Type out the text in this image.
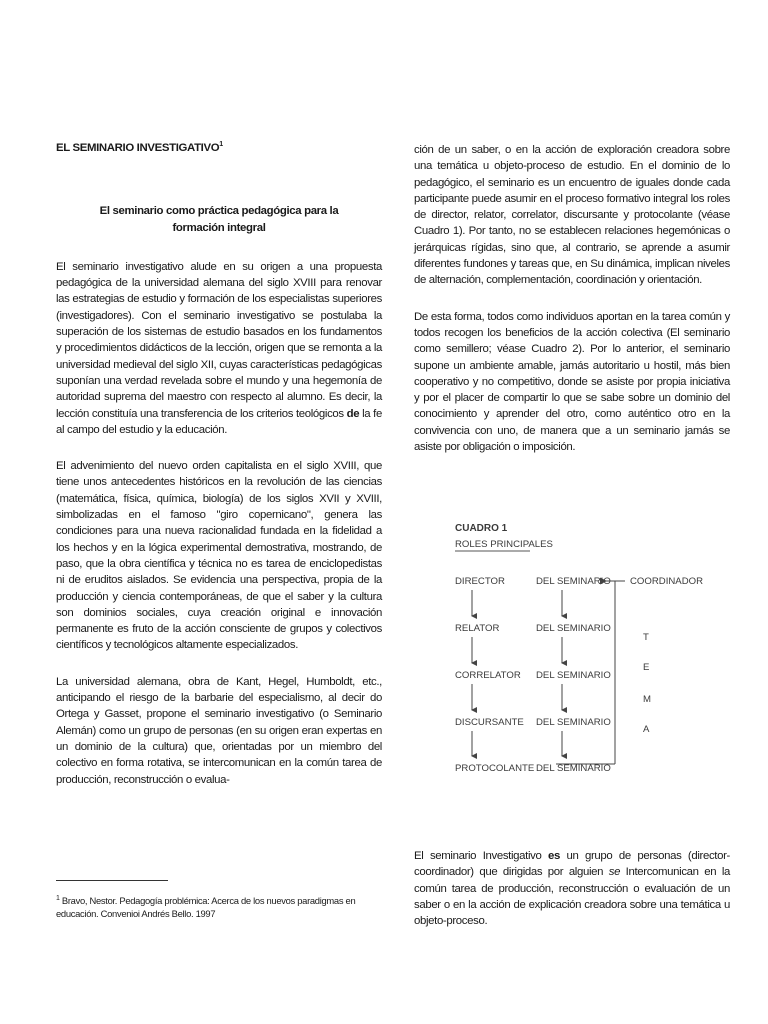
EL SEMINARIO INVESTIGATIVO$^1$

El seminario como práctica pedagógica para la
formación integral

El seminario investigativo alude en su origen a una propuesta pedagógica de la universidad alemana del siglo XVIII para renovar las estrategias de estudio y formación de los especialistas superiores (investigadores). Con el seminario investigativo se postulaba la superación de los sistemas de estudio basados en los fundamentos y procedimientos didácticos de la lección, origen que se remonta a la universidad medieval del siglo XII, cuyas características pedagógicas suponían una verdad revelada sobre el mundo y una hegemonía de autoridad suprema del maestro con respecto al alumno. Es decir, la lección constituía una transferencia de los criterios teológicos de la fe al campo del estudio y la educación.

El advenimiento del nuevo orden capitalista en el siglo XVIII, que tiene unos antecedentes históricos en la revolución de las ciencias (matemática, física, química, biología) de los siglos XVII y XVIII, simbolizadas en el famoso "giro copernicano", genera las condiciones para una nueva racionalidad fundada en la fidelidad a los hechos y en la lógica experimental demostrativa, mostrando, de paso, que la obra científica y técnica no es tarea de enciclopedistas ni de eruditos aislados. Se evidencia una perspectiva, propia de la producción y ciencia contemporáneas, de que el saber y la cultura son dominios sociales, cuya creación original e innovación permanente es fruto de la acción consciente de grupos y colectivos científicos y tecnológicos altamente especializados.

La universidad alemana, obra de Kant, Hegel, Humboldt, etc., anticipando el riesgo de la barbarie del especialismo, al decir do Ortega y Gasset, propone el seminario investigativo (o Seminario Alemán) como un grupo de personas (en su origen eran expertas en un dominio de la cultura) que, orientadas por un miembro del colectivo en forma rotativa, se intercomunican en la común tarea de producción, reconstrucción o evalua-

$^1$ Bravo, Nestor. Pedagogía problémica: Acerca de los nuevos paradigmas en educación. Convenioi Andrés Bello. 1997

ción de un saber, o en la acción de exploración creadora sobre una temática u objeto-proceso de estudio. En el dominio de lo pedagógico, el seminario es un encuentro de iguales donde cada participante puede asumir en el proceso formativo integral los roles de director, relator, correlator, discursante y protocolante (véase Cuadro 1). Por tanto, no se establecen relaciones hegemónicas o jerárquicas rígidas, sino que, al contrario, se aprende a asumir diferentes fundones y tareas que, en Su dinámica, implican niveles de alternación, complementación, coordinación y orientación.

De esta forma, todos como individuos aportan en la tarea común y todos recogen los beneficios de la acción colectiva (El seminario como semillero; véase Cuadro 2). Por lo anterior, el seminario supone un ambiente amable, jamás autoritario u hostil, más bien cooperativo y no competitivo, donde se asiste por propia iniciativa y por el placer de compartir lo que se sabe sobre un dominio del conocimiento y aprender del otro, como auténtico otro en la convivencia con uno, de manera que a un seminario jamás se asiste por obligación o imposición.

CUADRO 1
ROLES PRINCIPALES
DIRECTOR	DEL SEMINARIO
RELATOR	DEL SEMINARIO
CORRELATOR DEL SEMINARIO
DISCURSANTE DEL SEMINARIO
PROTOCOLANTE DEL SEMINARIO
COORDINADOR
T
E
M
A
El seminario Investigativo es un grupo de personas (director-coordinador) que dirigidas por alguien se Intercomunican en la común tarea de producción, reconstrucción o evaluación de un saber o en la acción de explicación creadora sobre una temática u objeto-proceso.
